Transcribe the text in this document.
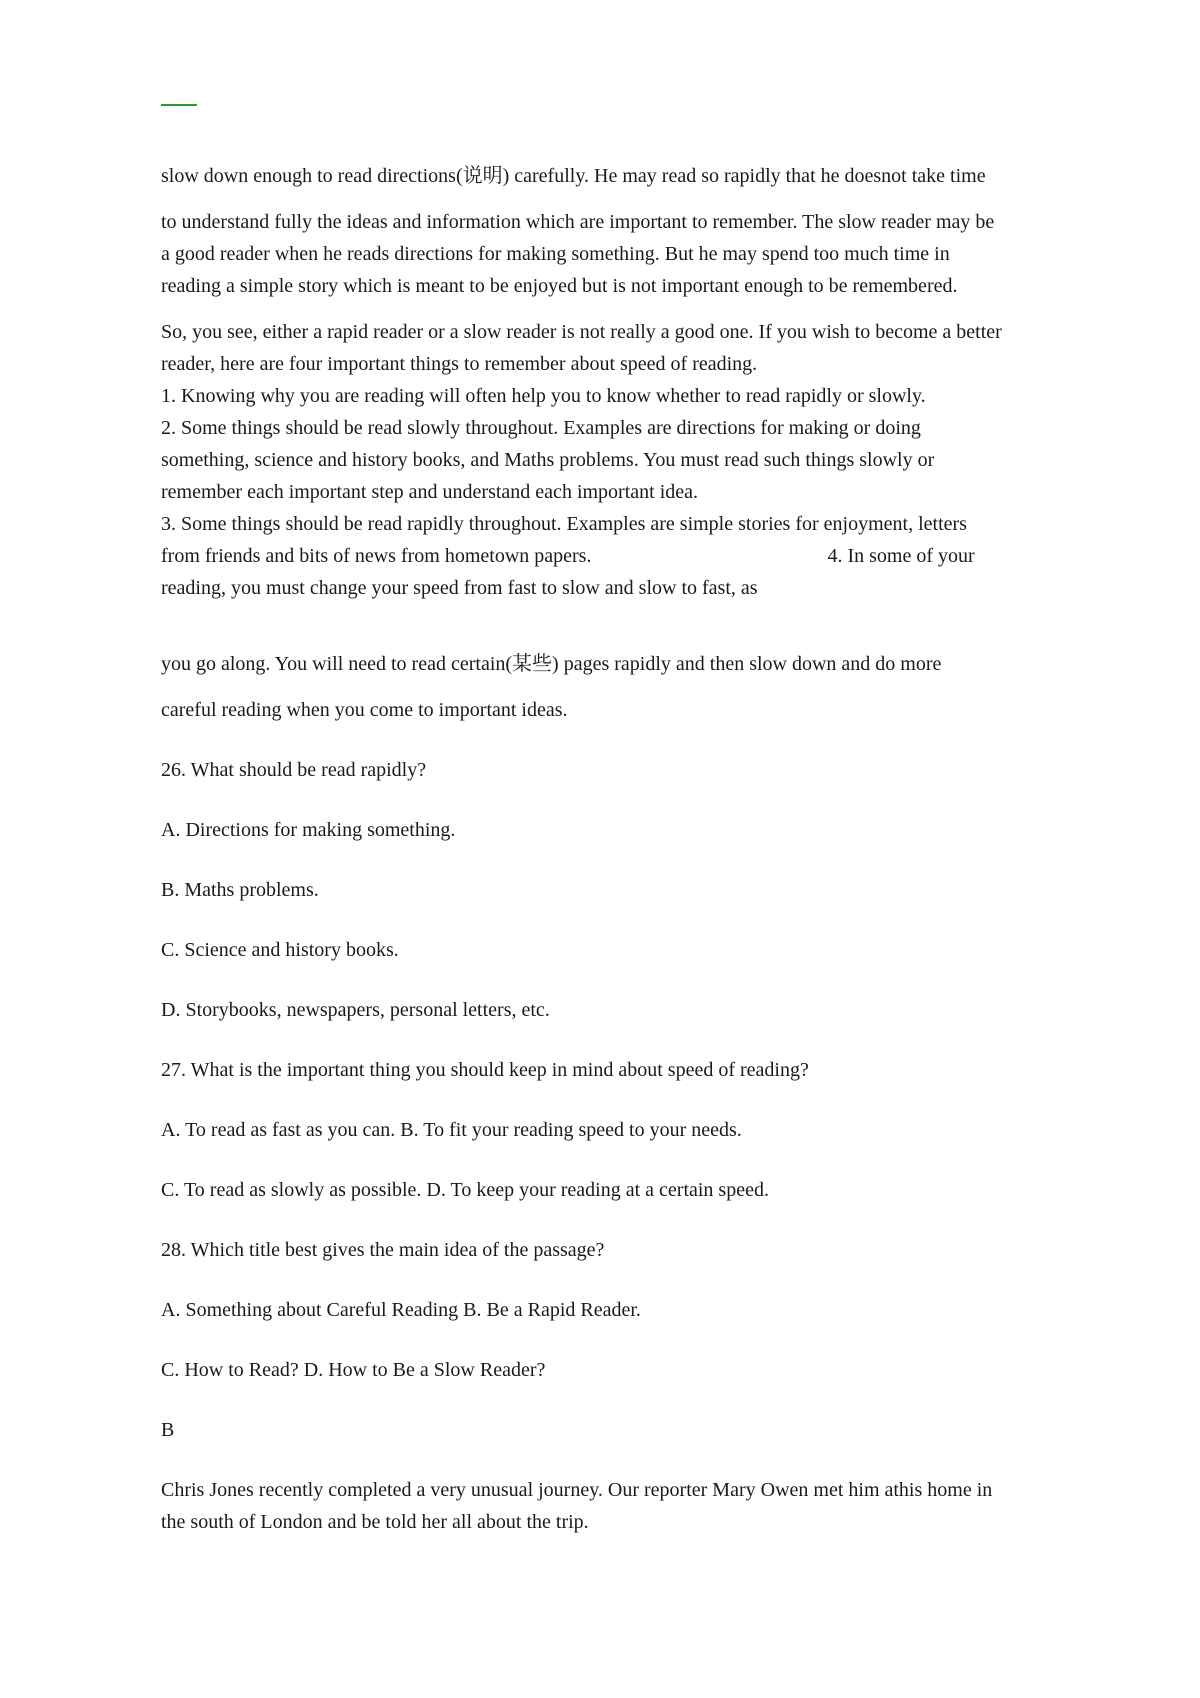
slow down enough to read directions(说明) carefully. He may read so rapidly that he doesnot take time

to understand fully the ideas and information which are important to remember. The slow reader may be

a good reader when he reads directions for making something. But he may spend too much time in

reading a simple story which is meant to be enjoyed but is not important enough to be remembered.

So, you see, either a rapid reader or a slow reader is not really a good one. If you wish to become a better

reader, here are four important things to remember about speed of reading.

1. Knowing why you are reading will often help you to know whether to read rapidly or slowly.

2. Some things should be read slowly throughout. Examples are directions for making or doing

something, science and history books, and Maths problems. You must read such things slowly or

remember each important step and understand each important idea.

3. Some things should be read rapidly throughout. Examples are simple stories for enjoyment, letters

from friends and bits of news from hometown papers.	4. In some of your

reading, you must change your speed from fast to slow and slow to fast, as

you go along. You will need to read certain(某些) pages rapidly and then slow down and do more

careful reading when you come to important ideas.

26. What should be read rapidly?

A. Directions for making something.

B. Maths problems.

C. Science and history books.

D. Storybooks, newspapers, personal letters, etc.

27. What is the important thing you should keep in mind about speed of reading?

A. To read as fast as you can. B. To fit your reading speed to your needs.

C. To read as slowly as possible. D. To keep your reading at a certain speed.

28. Which title best gives the main idea of the passage?

A. Something about Careful Reading B. Be a Rapid Reader.

C. How to Read? D. How to Be a Slow Reader?

B

Chris Jones recently completed a very unusual journey. Our reporter Mary Owen met him athis home in

the south of London and be told her all about the trip.
